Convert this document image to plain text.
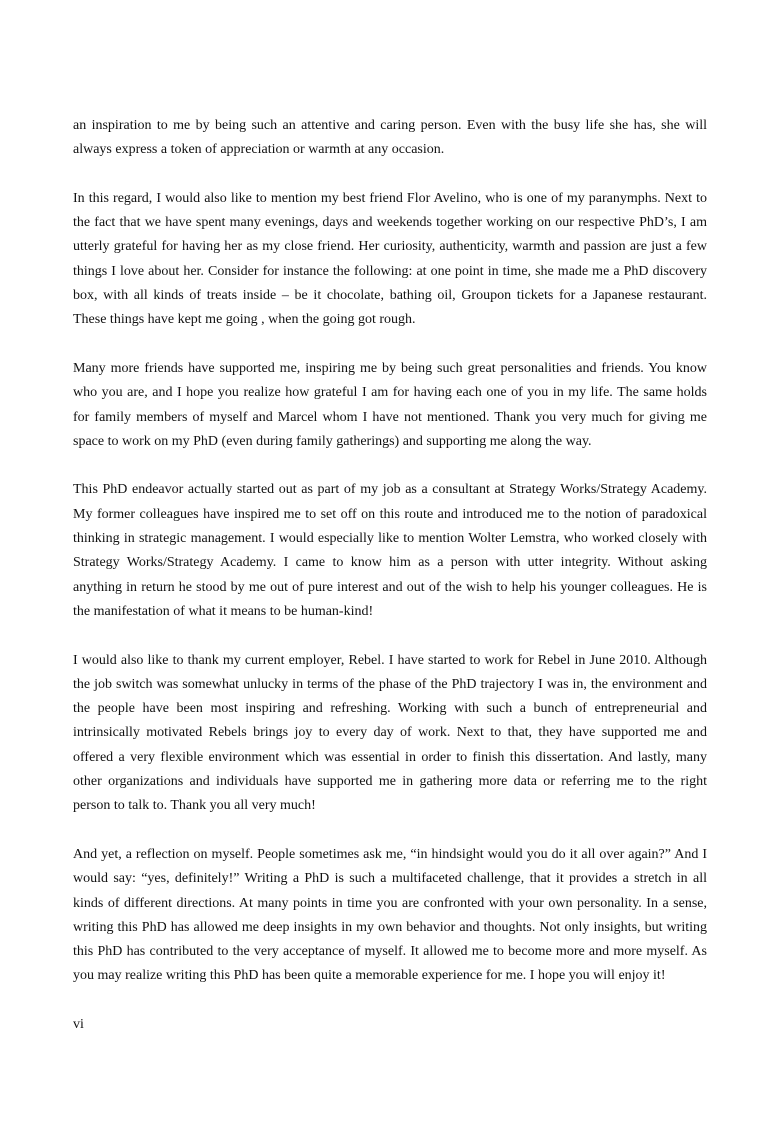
an inspiration to me by being such an attentive and caring person. Even with the busy life she has, she will
always express a token of appreciation or warmth at any occasion.
In this regard, I would also like to mention my best friend Flor Avelino, who is one of my paranymphs. Next to
the fact that we have spent many evenings, days and weekends together working on our respective PhD’s, I am
utterly grateful for having her as my close friend. Her curiosity, authenticity, warmth and passion are just a few
things I love about her. Consider for instance the following: at one point in time, she made me a PhD discovery
box, with all kinds of treats inside – be it chocolate, bathing oil, Groupon tickets for a Japanese restaurant.
These things have kept me going , when the going got rough.
Many more friends have supported me, inspiring me by being such great personalities and friends. You know
who you are, and I hope you realize how grateful I am for having each one of you in my life. The same holds
for family members of myself and Marcel whom I have not mentioned. Thank you very much for giving me
space to work on my PhD (even during family gatherings) and supporting me along the way.
This PhD endeavor actually started out as part of my job as a consultant at Strategy Works/Strategy Academy.
My former colleagues have inspired me to set off on this route and introduced me to the notion of paradoxical
thinking in strategic management. I would especially like to mention Wolter Lemstra, who worked closely with
Strategy Works/Strategy Academy. I came to know him as a person with utter integrity. Without asking
anything in return he stood by me out of pure interest and out of the wish to help his younger colleagues. He is
the manifestation of what it means to be human-kind!
I would also like to thank my current employer, Rebel. I have started to work for Rebel in June 2010. Although
the job switch was somewhat unlucky in terms of the phase of the PhD trajectory I was in, the environment and
the people have been most inspiring and refreshing. Working with such a bunch of entrepreneurial and
intrinsically motivated Rebels brings joy to every day of work. Next to that, they have supported me and
offered a very flexible environment which was essential in order to finish this dissertation. And lastly, many
other organizations and individuals have supported me in gathering more data or referring me to the right
person to talk to. Thank you all very much!
And yet, a reflection on myself. People sometimes ask me, “in hindsight would you do it all over again?” And I
would say: “yes, definitely!” Writing a PhD is such a multifaceted challenge, that it provides a stretch in all
kinds of different directions. At many points in time you are confronted with your own personality. In a sense,
writing this PhD has allowed me deep insights in my own behavior and thoughts. Not only insights, but writing
this PhD has contributed to the very acceptance of myself. It allowed me to become more and more myself. As
you may realize writing this PhD has been quite a memorable experience for me. I hope you will enjoy it!
vi
